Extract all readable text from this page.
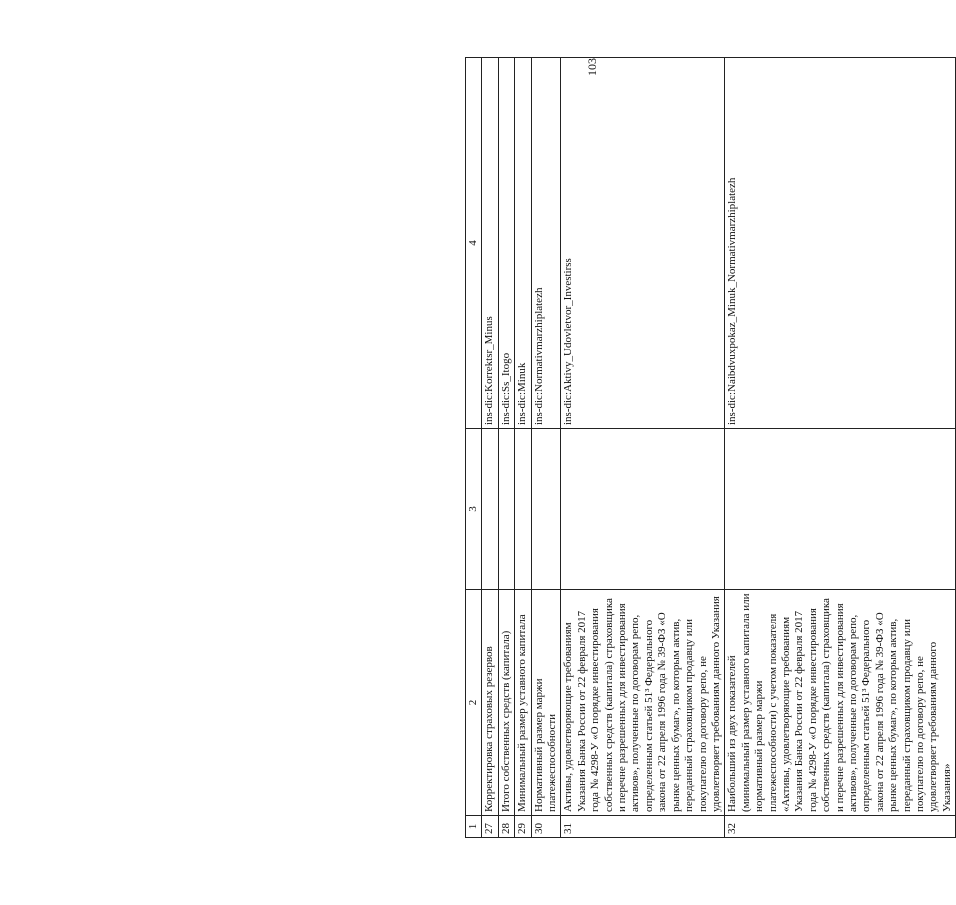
1	2	3	4
27	Корректировка страховых резервов		ins-dic:Korrektsr_Minus
28	Итого собственных средств (капитала)		ins-dic:Ss_Itogo
29	Минимальный размер уставного капитала		ins-dic:Minuk
30	Нормативный размер маржи платежеспособности		ins-dic:Normativmarzhiplatezh
31	Активы, удовлетворяющие требованиям Указания Банка России от 22 февраля 2017 года № 4298-У «О порядке инвестирования собственных средств (капитала) страховщика и перечне разрешенных для инвестирования активов», полученные по договорам репо, определенным статьей 51³ Федерального закона от 22 апреля 1996 года № 39-ФЗ «О рынке ценных бумаг», по которым актив, переданный страховщиком продавцу или покупателю по договору репо, не удовлетворяет требованиям данного Указания		ins-dic:Aktivy_Udovletvor_Investirss
32	Наибольший из двух показателей (минимальный размер уставного капитала или нормативный размер маржи платежеспособности) с учетом показателя «Активы, удовлетворяющие требованиям Указания Банка России от 22 февраля 2017 года № 4298-У «О порядке инвестирования собственных средств (капитала) страховщика и перечне разрешенных для инвестирования активов», полученные по договорам репо, определенным статьей 51³ Федерального закона от 22 апреля 1996 года № 39-ФЗ «О рынке ценных бумаг», по которым актив, переданный страховщиком продавцу или покупателю по договору репо, не удовлетворяет требованиям данного Указания»		ins-dic:Naibdvuxpokaz_Minuk_Normativmarzhiplatezh
103
